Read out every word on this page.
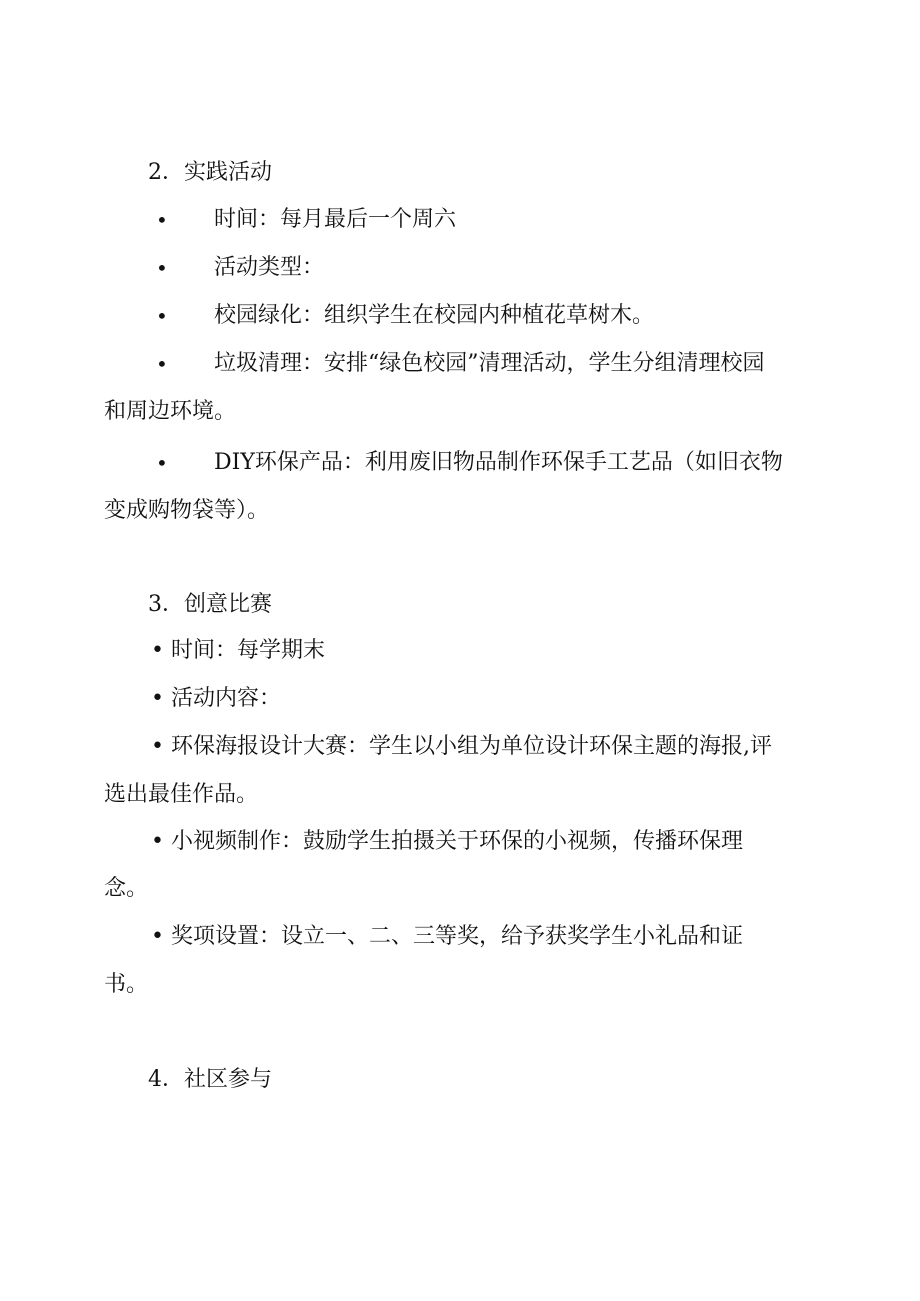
2．实践活动
• 时间：每月最后一个周六
• 活动类型：
• 校园绿化：组织学生在校园内种植花草树木。
• 垃圾清理：安排“绿色校园”清理活动，学生分组清理校园
和周边环境。
• DIY环保产品：利用废旧物品制作环保手工艺品（如旧衣物
变成购物袋等）。
3．创意比赛
• 时间：每学期末
• 活动内容：
• 环保海报设计大赛：学生以小组为单位设计环保主题的海报,评
选出最佳作品。
• 小视频制作：鼓励学生拍摄关于环保的小视频，传播环保理
念。
• 奖项设置：设立一、二、三等奖，给予获奖学生小礼品和证
书。
4．社区参与
